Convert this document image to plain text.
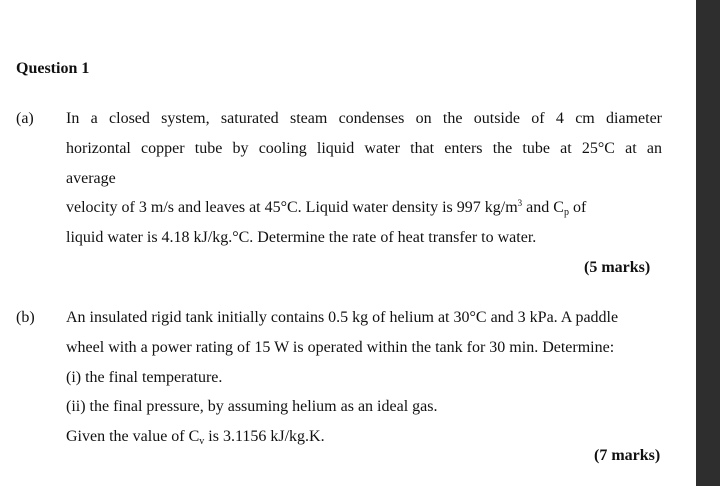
Question 1
(a) In a closed system, saturated steam condenses on the outside of 4 cm diameter
horizontal copper tube by cooling liquid water that enters the tube at 25°C at an
average
velocity of 3 m/s and leaves at 45°C. Liquid water density is 997 $kg/m^3$ and $C_p$ of
liquid water is 4.18 kJ/kg.°C. Determine the rate of heat transfer to water.
(5 marks)
(b) An insulated rigid tank initially contains 0.5 kg of helium at 30°C and 3 kPa. A paddle
wheel with a power rating of 15 W is operated within the tank for 30 min. Determine:
(i) the final temperature.
(ii) the final pressure, by assuming helium as an ideal gas.
Given the value of $C_v$ is 3.1156 kJ/kg.K.
(7 marks)
